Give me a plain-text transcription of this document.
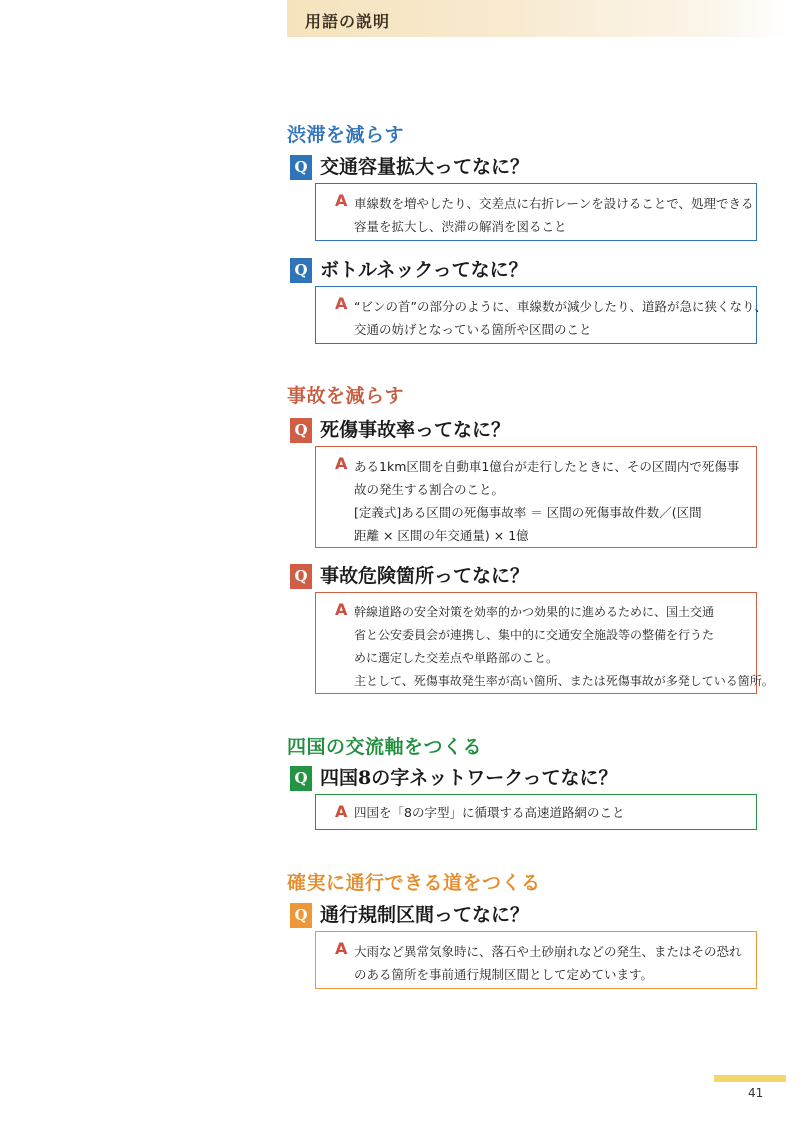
用語の説明
渋滞を減らす
Q 交通容量拡大ってなに？
A 車線数を増やしたり、交差点に右折レーンを設けることで、処理できる
容量を拡大し、渋滞の解消を図ること
Q ボトルネックってなに？
A “ビンの首”の部分のように、車線数が減少したり、道路が急に狭くなり、
交通の妨げとなっている箇所や区間のこと
事故を減らす
Q 死傷事故率ってなに？
A ある1km区間を自動車1億台が走行したときに、その区間内で死傷事
故の発生する割合のこと。
[定義式]ある区間の死傷事故率 ＝ 区間の死傷事故件数／(区間
距離 × 区間の年交通量) × 1億
Q 事故危険箇所ってなに？
A 幹線道路の安全対策を効率的かつ効果的に進めるために、国土交通
省と公安委員会が連携し、集中的に交通安全施設等の整備を行うた
めに選定した交差点や単路部のこと。
主として、死傷事故発生率が高い箇所、または死傷事故が多発している箇所。
四国の交流軸をつくる
Q 四国8の字ネットワークってなに？
A 四国を「8の字型」に循環する高速道路網のこと
確実に通行できる道をつくる
Q 通行規制区間ってなに？
A 大雨など異常気象時に、落石や土砂崩れなどの発生、またはその恐れ
のある箇所を事前通行規制区間として定めています。
41
